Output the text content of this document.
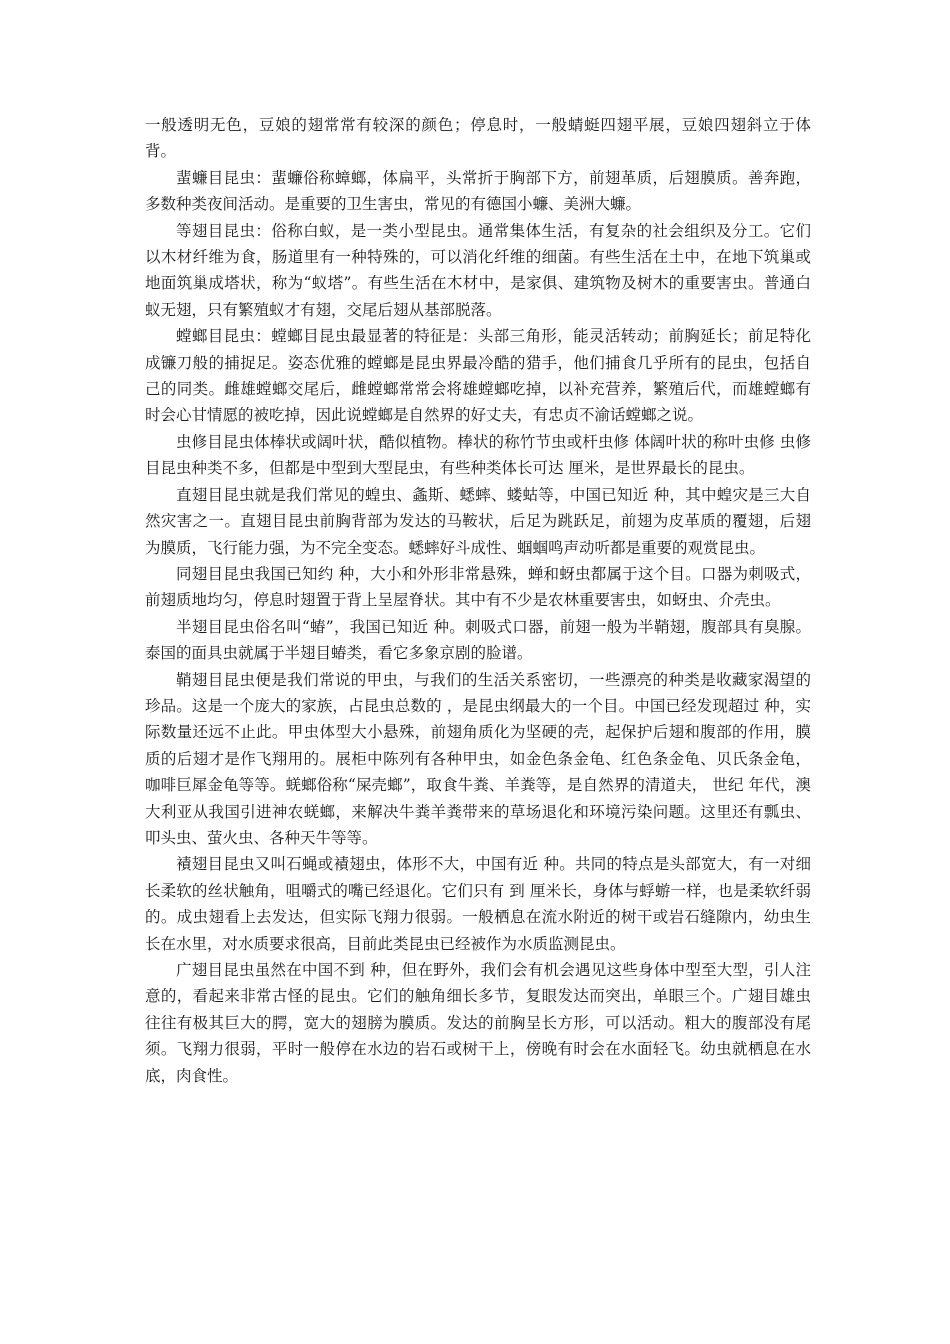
一般透明无色，豆娘的翅常常有较深的颜色；停息时，一般蜻蜓四翅平展，豆娘四翅斜立于体背。

蜚蠊目昆虫：蜚蠊俗称蟑螂，体扁平，头常折于胸部下方，前翅革质，后翅膜质。善奔跑，多数种类夜间活动。是重要的卫生害虫，常见的有德国小蠊、美洲大蠊。

等翅目昆虫：俗称白蚁，是一类小型昆虫。通常集体生活，有复杂的社会组织及分工。它们以木材纤维为食，肠道里有一种特殊的，可以消化纤维的细菌。有些生活在土中，在地下筑巢或地面筑巢成塔状，称为“蚁塔”。有些生活在木材中，是家俱、建筑物及树木的重要害虫。普通白蚁无翅，只有繁殖蚁才有翅，交尾后翅从基部脱落。

螳螂目昆虫：螳螂目昆虫最显著的特征是：头部三角形，能灵活转动；前胸延长；前足特化成镰刀般的捕捉足。姿态优雅的螳螂是昆虫界最冷酷的猎手，他们捕食几乎所有的昆虫，包括自己的同类。雌雄螳螂交尾后，雌螳螂常常会将雄螳螂吃掉，以补充营养，繁殖后代，而雄螳螂有时会心甘情愿的被吃掉，因此说螳螂是自然界的好丈夫，有忠贞不渝话螳螂之说。

虫修目昆虫体棒状或阔叶状，酷似植物。棒状的称竹节虫或杆虫修 体阔叶状的称叶虫修 虫修目昆虫种类不多，但都是中型到大型昆虫，有些种类体长可达 厘米，是世界最长的昆虫。

直翅目昆虫就是我们常见的蝗虫、螽斯、蟋蟀、蝼蛄等，中国已知近 种，其中蝗灾是三大自然灾害之一。直翅目昆虫前胸背部为发达的马鞍状，后足为跳跃足，前翅为皮革质的覆翅，后翅为膜质，飞行能力强，为不完全变态。蟋蟀好斗成性、蝈蝈鸣声动听都是重要的观赏昆虫。

同翅目昆虫我国已知约 种，大小和外形非常悬殊，蝉和蚜虫都属于这个目。口器为刺吸式，前翅质地均匀，停息时翅置于背上呈屋脊状。其中有不少是农林重要害虫，如蚜虫、介壳虫。

半翅目昆虫俗名叫“蝽”，我国已知近 种。刺吸式口器，前翅一般为半鞘翅，腹部具有臭腺。泰国的面具虫就属于半翅目蝽类，看它多象京剧的脸谱。

鞘翅目昆虫便是我们常说的甲虫，与我们的生活关系密切，一些漂亮的种类是收藏家渴望的珍品。这是一个庞大的家族，占昆虫总数的 ，是昆虫纲最大的一个目。中国已经发现超过 种，实际数量还远不止此。甲虫体型大小悬殊，前翅角质化为坚硬的壳，起保护后翅和腹部的作用，膜质的后翅才是作飞翔用的。展柜中陈列有各种甲虫，如金色条金龟、红色条金龟、贝氏条金龟，咖啡巨犀金龟等等。蜣螂俗称“屎壳螂”，取食牛粪、羊粪等，是自然界的清道夫， 世纪 年代，澳大利亚从我国引进神农蜣螂，来解决牛粪羊粪带来的草场退化和环境污染问题。这里还有瓢虫、叩头虫、萤火虫、各种天牛等等。

襀翅目昆虫又叫石蝇或襀翅虫，体形不大，中国有近 种。共同的特点是头部宽大，有一对细长柔软的丝状触角，咀嚼式的嘴已经退化。它们只有 到 厘米长，身体与蜉蝣一样，也是柔软纤弱的。成虫翅看上去发达，但实际飞翔力很弱。一般栖息在流水附近的树干或岩石缝隙内，幼虫生长在水里，对水质要求很高，目前此类昆虫已经被作为水质监测昆虫。

广翅目昆虫虽然在中国不到 种，但在野外，我们会有机会遇见这些身体中型至大型，引人注意的，看起来非常古怪的昆虫。它们的触角细长多节，复眼发达而突出，单眼三个。广翅目雄虫往往有极其巨大的腭，宽大的翅膀为膜质。发达的前胸呈长方形，可以活动。粗大的腹部没有尾须。飞翔力很弱，平时一般停在水边的岩石或树干上，傍晚有时会在水面轻飞。幼虫就栖息在水底，肉食性。
